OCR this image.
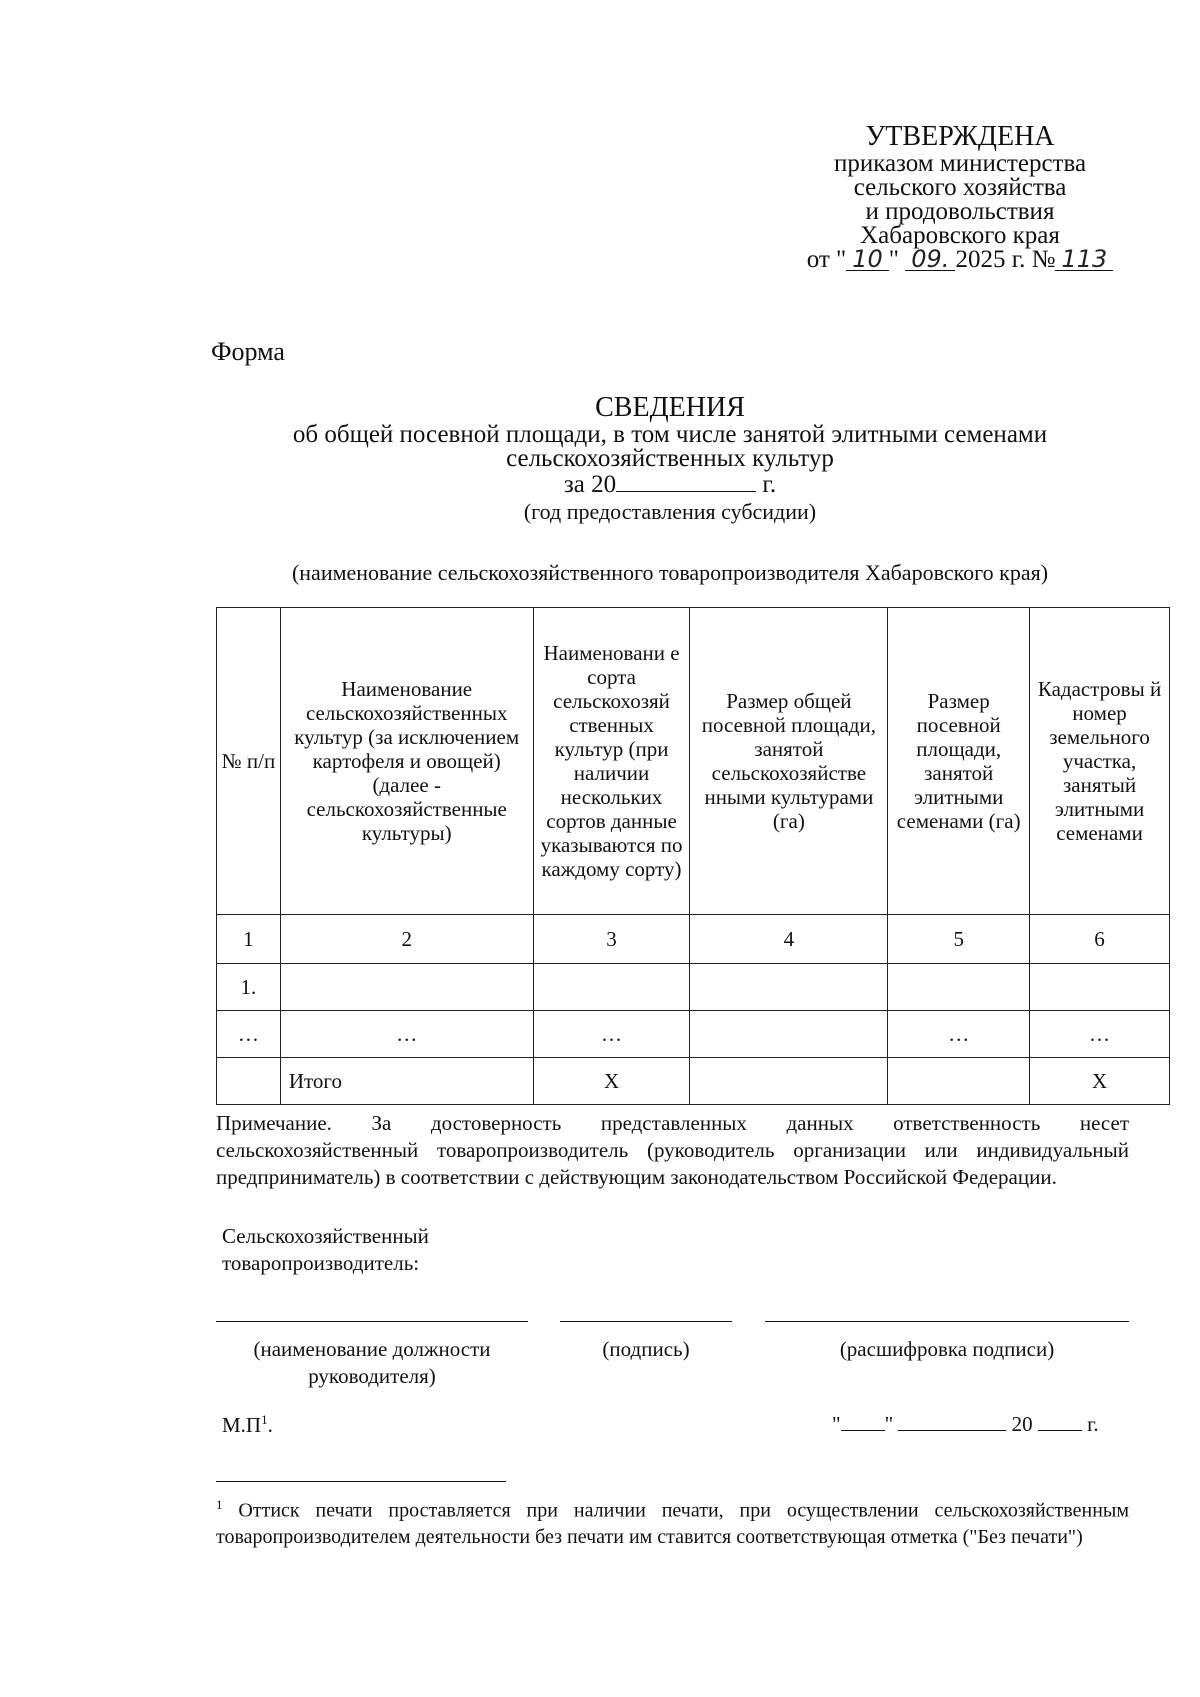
УТВЕРЖДЕНА
приказом министерства
сельского хозяйства
и продовольствия
Хабаровского края
от " 10 " 09. 2025 г. № 113
Форма
СВЕДЕНИЯ
об общей посевной площади, в том числе занятой элитными семенами
сельскохозяйственных культур
за 20	г.
(год предоставления субсидии)
(наименование сельскохозяйственного товаропроизводителя Хабаровского края)
№ п/п	Наименование сельскохозяйственных культур (за исключением картофеля и овощей) (далее - сельскохозяйственные культуры)	Наименовани е сорта сельскохозяй ственных культур (при наличии нескольких сортов данные указываются по каждому сорту)	Размер общей посевной площади, занятой сельскохозяйстве нными культурами (га)	Размер посевной площади, занятой элитными семенами (га)	Кадастровы й номер земельного участка, занятый элитными семенами
1	2	3	4	5	6
1.					
…	…	…		…	…
	Итого	X			X
Примечание. За достоверность представленных данных ответственность несет сельскохозяйственный товаропроизводитель (руководитель организации или индивидуальный предприниматель) в соответствии с действующим законодательством Российской Федерации.
Сельскохозяйственный
товаропроизводитель:
(наименование должности
руководителя)
(подпись)	(расшифровка подписи)
$М.П^1$.	" "	20	г.
$^1$ Оттиск печати проставляется при наличии печати, при осуществлении сельскохозяйственным товаропроизводителем деятельности без печати им ставится соответствующая отметка ("Без печати")
